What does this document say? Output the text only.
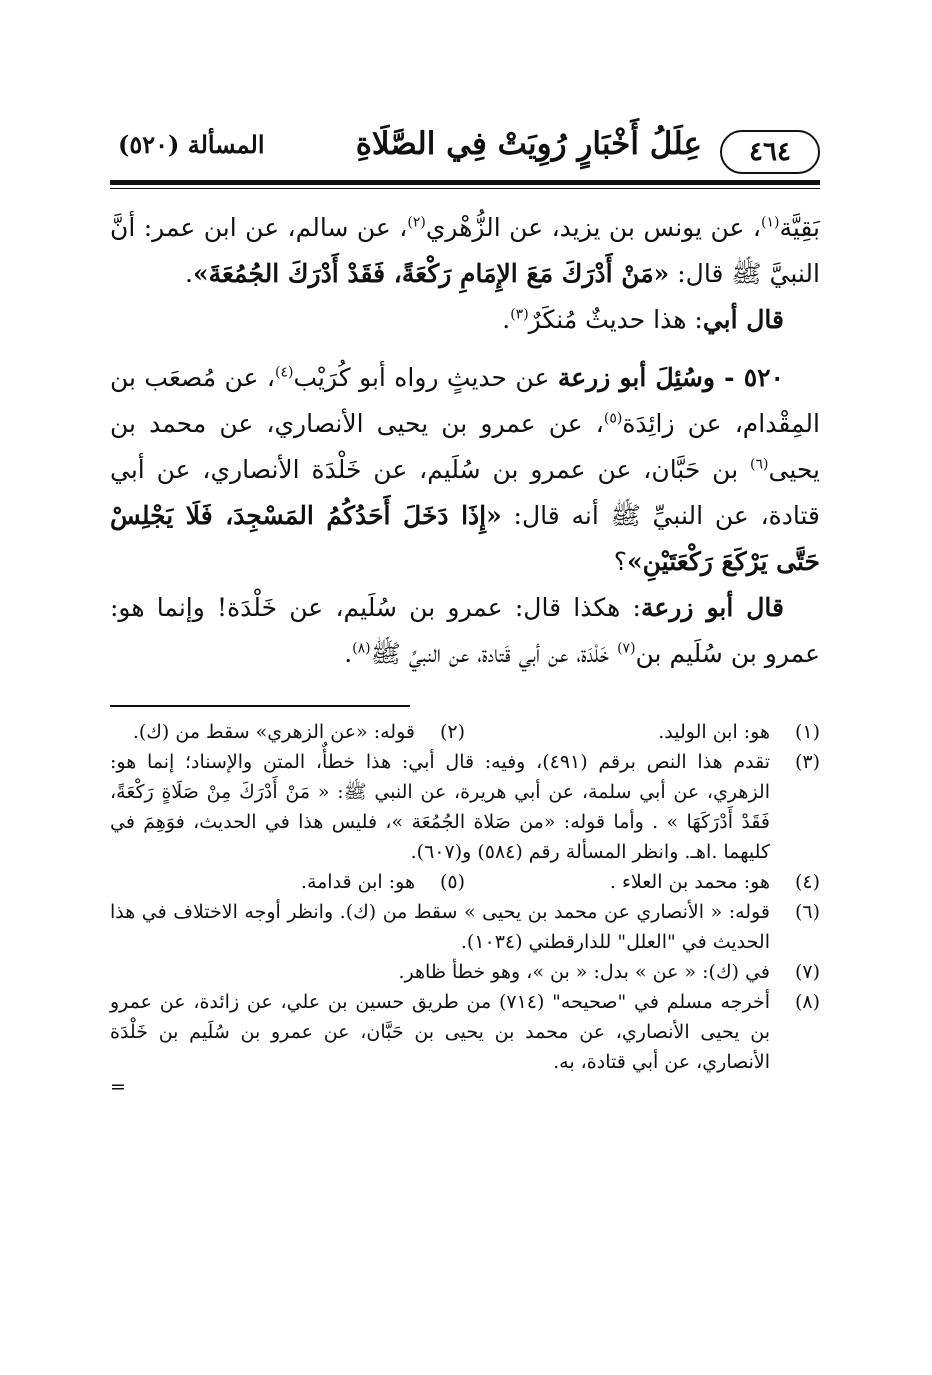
٤٦٤
عِلَلُ أَخْبَارٍ رُوِيَتْ فِي الصَّلَاةِ
المسألة (٥٢٠)

بَقِيَّة$^{(١)}$، عن يونس بن يزيد، عن الزُّهْري$^{(٢)}$، عن سالم، عن ابن عمر: أنَّ النبيَّ ﷺ قال: «مَنْ أَدْرَكَ مَعَ الإِمَامِ رَكْعَةً، فَقَدْ أَدْرَكَ الجُمُعَةَ».

قال أبي: هذا حديثٌ مُنكَرٌ$^{(٣)}$.

٥٢٠ - وسُئِلَ أبو زرعة عن حديثٍ رواه أبو كُرَيْب$^{(٤)}$، عن مُصعَب بن المِقْدام، عن زائِدَة$^{(٥)}$، عن عمرو بن يحيى الأنصاري، عن محمد بن يحيى$^{(٦)}$ بن حَبَّان، عن عمرو بن سُلَيم، عن خَلْدَة الأنصاري، عن أبي قتادة، عن النبيِّ ﷺ أنه قال: «إِذَا دَخَلَ أَحَدُكُمُ المَسْجِدَ، فَلَا يَجْلِسْ حَتَّى يَرْكَعَ رَكْعَتَيْنِ»؟

قال أبو زرعة: هكذا قال: عمرو بن سُلَيم، عن خَلْدَة! وإنما هو: عمرو بن سُلَيم بن$^{(٧)}$ خَلْدَة، عن أبي قَتادة، عن النبيِّ ﷺ$^{(٨)}$.

(١)
هو: ابن الوليد.
(٢)
قوله: «عن الزهري» سقط من (ك).
(٣)
تقدم هذا النص برقم (٤٩١)، وفيه: قال أبي: هذا خطأٌ، المتن والإسناد؛ إنما هو: الزهري، عن أبي سلمة، عن أبي هريرة، عن النبي ﷺ: « مَنْ أَدْرَكَ مِنْ صَلَاةٍ رَكْعَةً، فَقَدْ أَدْرَكَهَا » . وأما قوله: «من صَلاة الجُمُعَة »، فليس هذا في الحديث، فوَهِمَ في كليهما .اهـ. وانظر المسألة رقم (٥٨٤) و(٦٠٧).
(٤)
هو: محمد بن العلاء .
(٥)
هو: ابن قدامة.
(٦)
قوله: « الأنصاري عن محمد بن يحيى » سقط من (ك). وانظر أوجه الاختلاف في هذا الحديث في "العلل" للدارقطني (١٠٣٤).
(٧)
في (ك): « عن » بدل: « بن »، وهو خطأ ظاهر.
(٨)
أخرجه مسلم في "صحيحه" (٧١٤) من طريق حسين بن علي، عن زائدة، عن عمرو بن يحيى الأنصاري، عن محمد بن يحيى بن حَبَّان، عن عمرو بن سُلَيم بن خَلْدَة الأنصاري، عن أبي قتادة، به.
=
